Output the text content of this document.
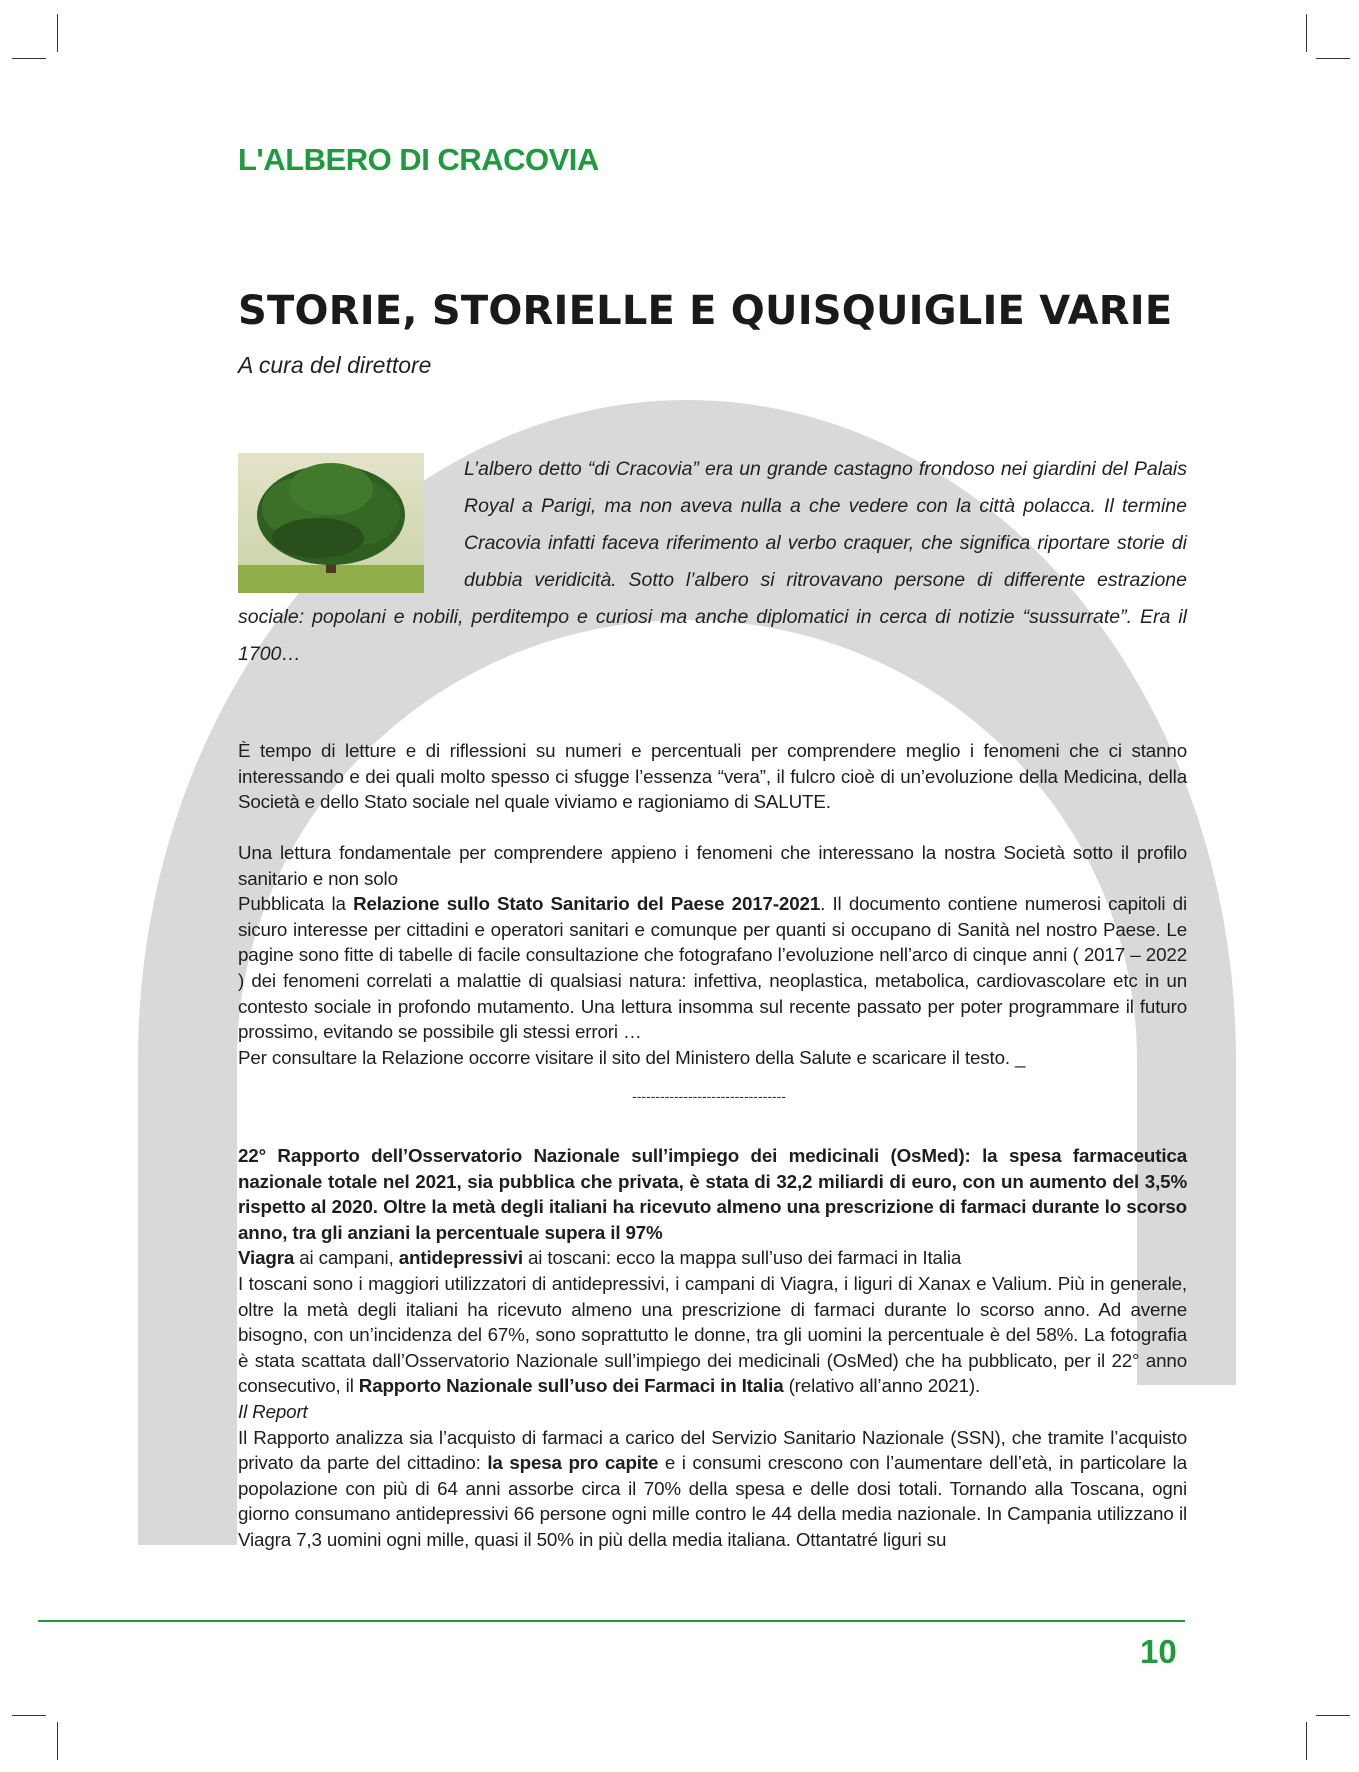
L'ALBERO DI CRACOVIA
STORIE, STORIELLE E QUISQUIGLIE VARIE

A cura del direttore

L’albero detto “di Cracovia” era un grande castagno frondoso nei giardini del Palais Royal a Parigi, ma non aveva nulla a che vedere con la città polacca. Il termine Cracovia infatti faceva riferimento al verbo craquer, che significa riportare storie di dubbia veridicità. Sotto l’albero si ritrovavano persone di differente estrazione sociale: popolani e nobili, perditempo e curiosi ma anche diplomatici in cerca di notizie “sussurrate”. Era il 1700…

È tempo di letture e di riflessioni su numeri e percentuali per comprendere meglio i fenomeni che ci stanno interessando e dei quali molto spesso ci sfugge l’essenza “vera”, il fulcro cioè di un’evoluzione della Medicina, della Società e dello Stato sociale nel quale viviamo e ragioniamo di SALUTE.

Una lettura fondamentale per comprendere appieno i fenomeni che interessano la nostra Società sotto il profilo sanitario e non solo
Pubblicata la Relazione sullo Stato Sanitario del Paese 2017-2021. Il documento contiene numerosi capitoli di sicuro interesse per cittadini e operatori sanitari e comunque per quanti si occupano di Sanità nel nostro Paese. Le pagine sono fitte di tabelle di facile consultazione che fotografano l’evoluzione nell’arco di cinque anni ( 2017 – 2022 ) dei fenomeni correlati a malattie di qualsiasi natura: infettiva, neoplastica, metabolica, cardiovascolare etc in un contesto sociale in profondo mutamento. Una lettura insomma sul recente passato per poter programmare il futuro prossimo, evitando se possibile gli stessi errori …
Per consultare la Relazione occorre visitare il sito del Ministero della Salute e scaricare il testo. _

---------------------------------

22° Rapporto dell’Osservatorio Nazionale sull’impiego dei medicinali (OsMed): la spesa farmaceutica nazionale totale nel 2021, sia pubblica che privata, è stata di 32,2 miliardi di euro, con un aumento del 3,5% rispetto al 2020. Oltre la metà degli italiani ha ricevuto almeno una prescrizione di farmaci durante lo scorso anno, tra gli anziani la percentuale supera il 97%
Viagra ai campani, antidepressivi ai toscani: ecco la mappa sull’uso dei farmaci in Italia
I toscani sono i maggiori utilizzatori di antidepressivi, i campani di Viagra, i liguri di Xanax e Valium. Più in generale, oltre la metà degli italiani ha ricevuto almeno una prescrizione di farmaci durante lo scorso anno. Ad averne bisogno, con un’incidenza del 67%, sono soprattutto le donne, tra gli uomini la percentuale è del 58%. La fotografia è stata scattata dall’Osservatorio Nazionale sull’impiego dei medicinali (OsMed) che ha pubblicato, per il 22° anno consecutivo, il Rapporto Nazionale sull’uso dei Farmaci in Italia (relativo all’anno 2021).
Il Report
Il Rapporto analizza sia l’acquisto di farmaci a carico del Servizio Sanitario Nazionale (SSN), che tramite l’acquisto privato da parte del cittadino: la spesa pro capite e i consumi crescono con l’aumentare dell’età, in particolare la popolazione con più di 64 anni assorbe circa il 70% della spesa e delle dosi totali. Tornando alla Toscana, ogni giorno consumano antidepressivi 66 persone ogni mille contro le 44 della media nazionale. In Campania utilizzano il Viagra 7,3 uomini ogni mille, quasi il 50% in più della media italiana. Ottantatré liguri su

10
